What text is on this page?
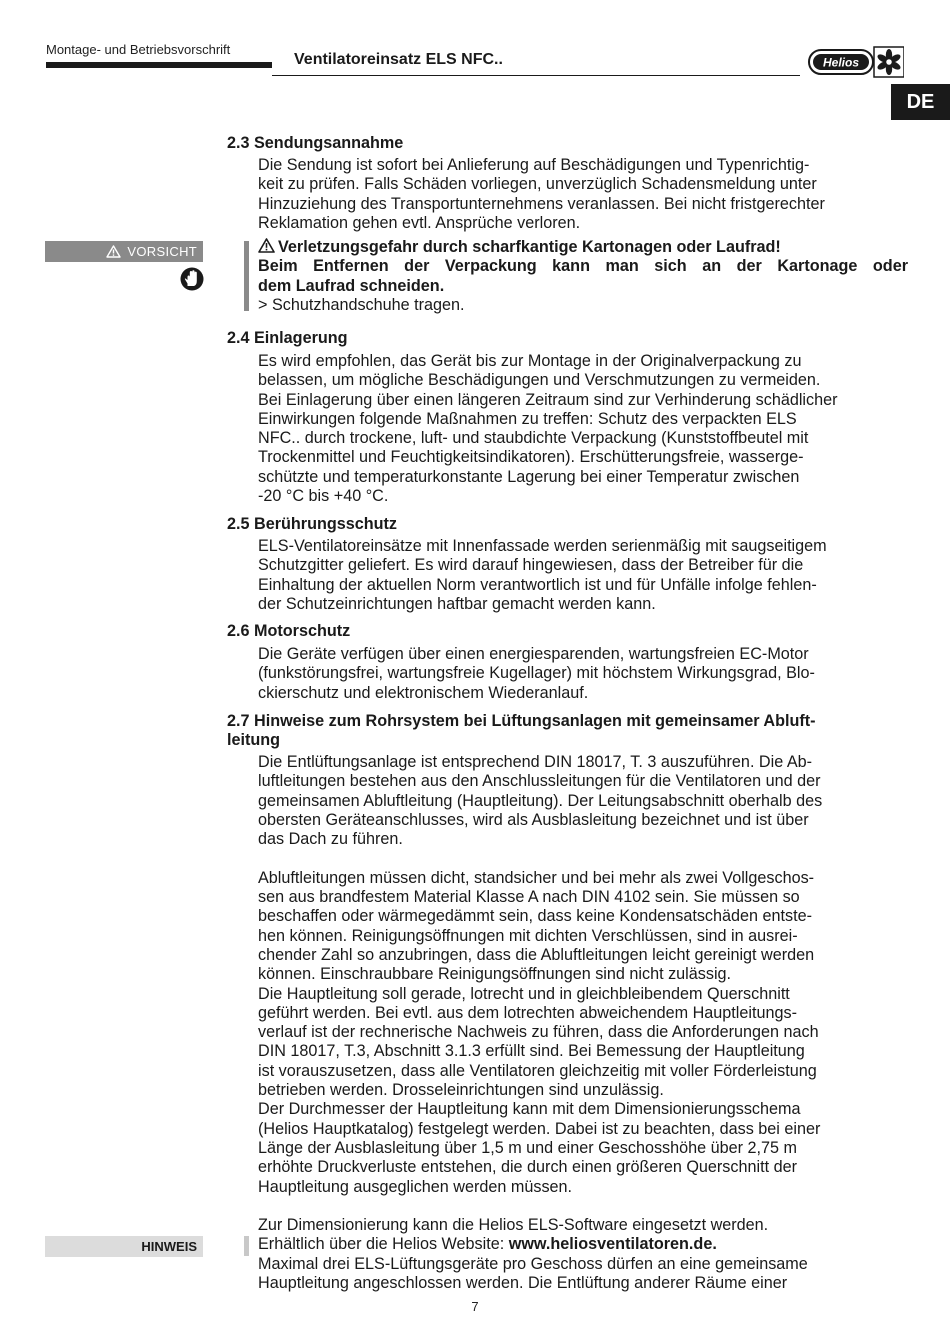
Montage- und Betriebsvorschrift
Ventilatoreinsatz ELS NFC..	Helios
DE
2.3 Sendungsannahme

Die Sendung ist sofort bei Anlieferung auf Beschädigungen und Typenrichtig-

keit zu prüfen. Falls Schäden vorliegen, unverzüglich Schadensmeldung unter

Hinzuziehung des Transportunternehmens veranlassen. Bei nicht fristgerechter

Reklamation gehen evtl. Ansprüche verloren.

VORSICHT	Verletzungsgefahr durch scharfkantige Kartonagen oder Laufrad!

Beim Entfernen der Verpackung kann man sich an der Kartonage oder

dem Laufrad schneiden.

> Schutzhandschuhe tragen.

2.4 Einlagerung

Es wird empfohlen, das Gerät bis zur Montage in der Originalverpackung zu

belassen, um mögliche Beschädigungen und Verschmutzungen zu vermeiden.

Bei Einlagerung über einen längeren Zeitraum sind zur Verhinderung schädlicher

Einwirkungen folgende Maßnahmen zu treffen: Schutz des verpackten ELS

NFC.. durch trockene, luft- und staubdichte Verpackung (Kunststoffbeutel mit

Trockenmittel und Feuchtigkeitsindikatoren). Erschütterungsfreie, wasserge-

schützte und temperaturkonstante Lagerung bei einer Temperatur zwischen

-20 °C bis +40 °C.

2.5 Berührungsschutz

ELS-Ventilatoreinsätze mit Innenfassade werden serienmäßig mit saugseitigem

Schutzgitter geliefert. Es wird darauf hingewiesen, dass der Betreiber für die

Einhaltung der aktuellen Norm verantwortlich ist und für Unfälle infolge fehlen-

der Schutzeinrichtungen haftbar gemacht werden kann.

2.6 Motorschutz

Die Geräte verfügen über einen energiesparenden, wartungsfreien EC-Motor

(funkstörungsfrei, wartungsfreie Kugellager) mit höchstem Wirkungsgrad, Blo-

ckierschutz und elektronischem Wiederanlauf.

2.7 Hinweise zum Rohrsystem bei Lüftungsanlagen mit gemeinsamer Abluft-
leitung

Die Entlüftungsanlage ist entsprechend DIN 18017, T. 3 auszuführen. Die Ab-

luftleitungen bestehen aus den Anschlussleitungen für die Ventilatoren und der

gemeinsamen Abluftleitung (Hauptleitung). Der Leitungsabschnitt oberhalb des

obersten Geräteanschlusses, wird als Ausblasleitung bezeichnet und ist über

das Dach zu führen.

Abluftleitungen müssen dicht, standsicher und bei mehr als zwei Vollgeschos-

sen aus brandfestem Material Klasse A nach DIN 4102 sein. Sie müssen so

beschaffen oder wärmegedämmt sein, dass keine Kondensatschäden entste-

hen können. Reinigungsöffnungen mit dichten Verschlüssen, sind in ausrei-

chender Zahl so anzubringen, dass die Abluftleitungen leicht gereinigt werden

können. Einschraubbare Reinigungsöffnungen sind nicht zulässig.

Die Hauptleitung soll gerade, lotrecht und in gleichbleibendem Querschnitt

geführt werden. Bei evtl. aus dem lotrechten abweichendem Hauptleitungs-

verlauf ist der rechnerische Nachweis zu führen, dass die Anforderungen nach

DIN 18017, T.3, Abschnitt 3.1.3 erfüllt sind. Bei Bemessung der Hauptleitung

ist vorauszusetzen, dass alle Ventilatoren gleichzeitig mit voller Förderleistung

betrieben werden. Drosseleinrichtungen sind unzulässig.

Der Durchmesser der Hauptleitung kann mit dem Dimensionierungsschema

(Helios Hauptkatalog) festgelegt werden. Dabei ist zu beachten, dass bei einer

Länge der Ausblasleitung über 1,5 m und einer Geschosshöhe über 2,75 m

erhöhte Druckverluste entstehen, die durch einen größeren Querschnitt der

Hauptleitung ausgeglichen werden müssen.

Zur Dimensionierung kann die Helios ELS-Software eingesetzt werden.

Erhältlich über die Helios Website: www.heliosventilatoren.de.

Maximal drei ELS-Lüftungsgeräte pro Geschoss dürfen an eine gemeinsame

Hauptleitung angeschlossen werden. Die Entlüftung anderer Räume einer

HINWEIS
7
